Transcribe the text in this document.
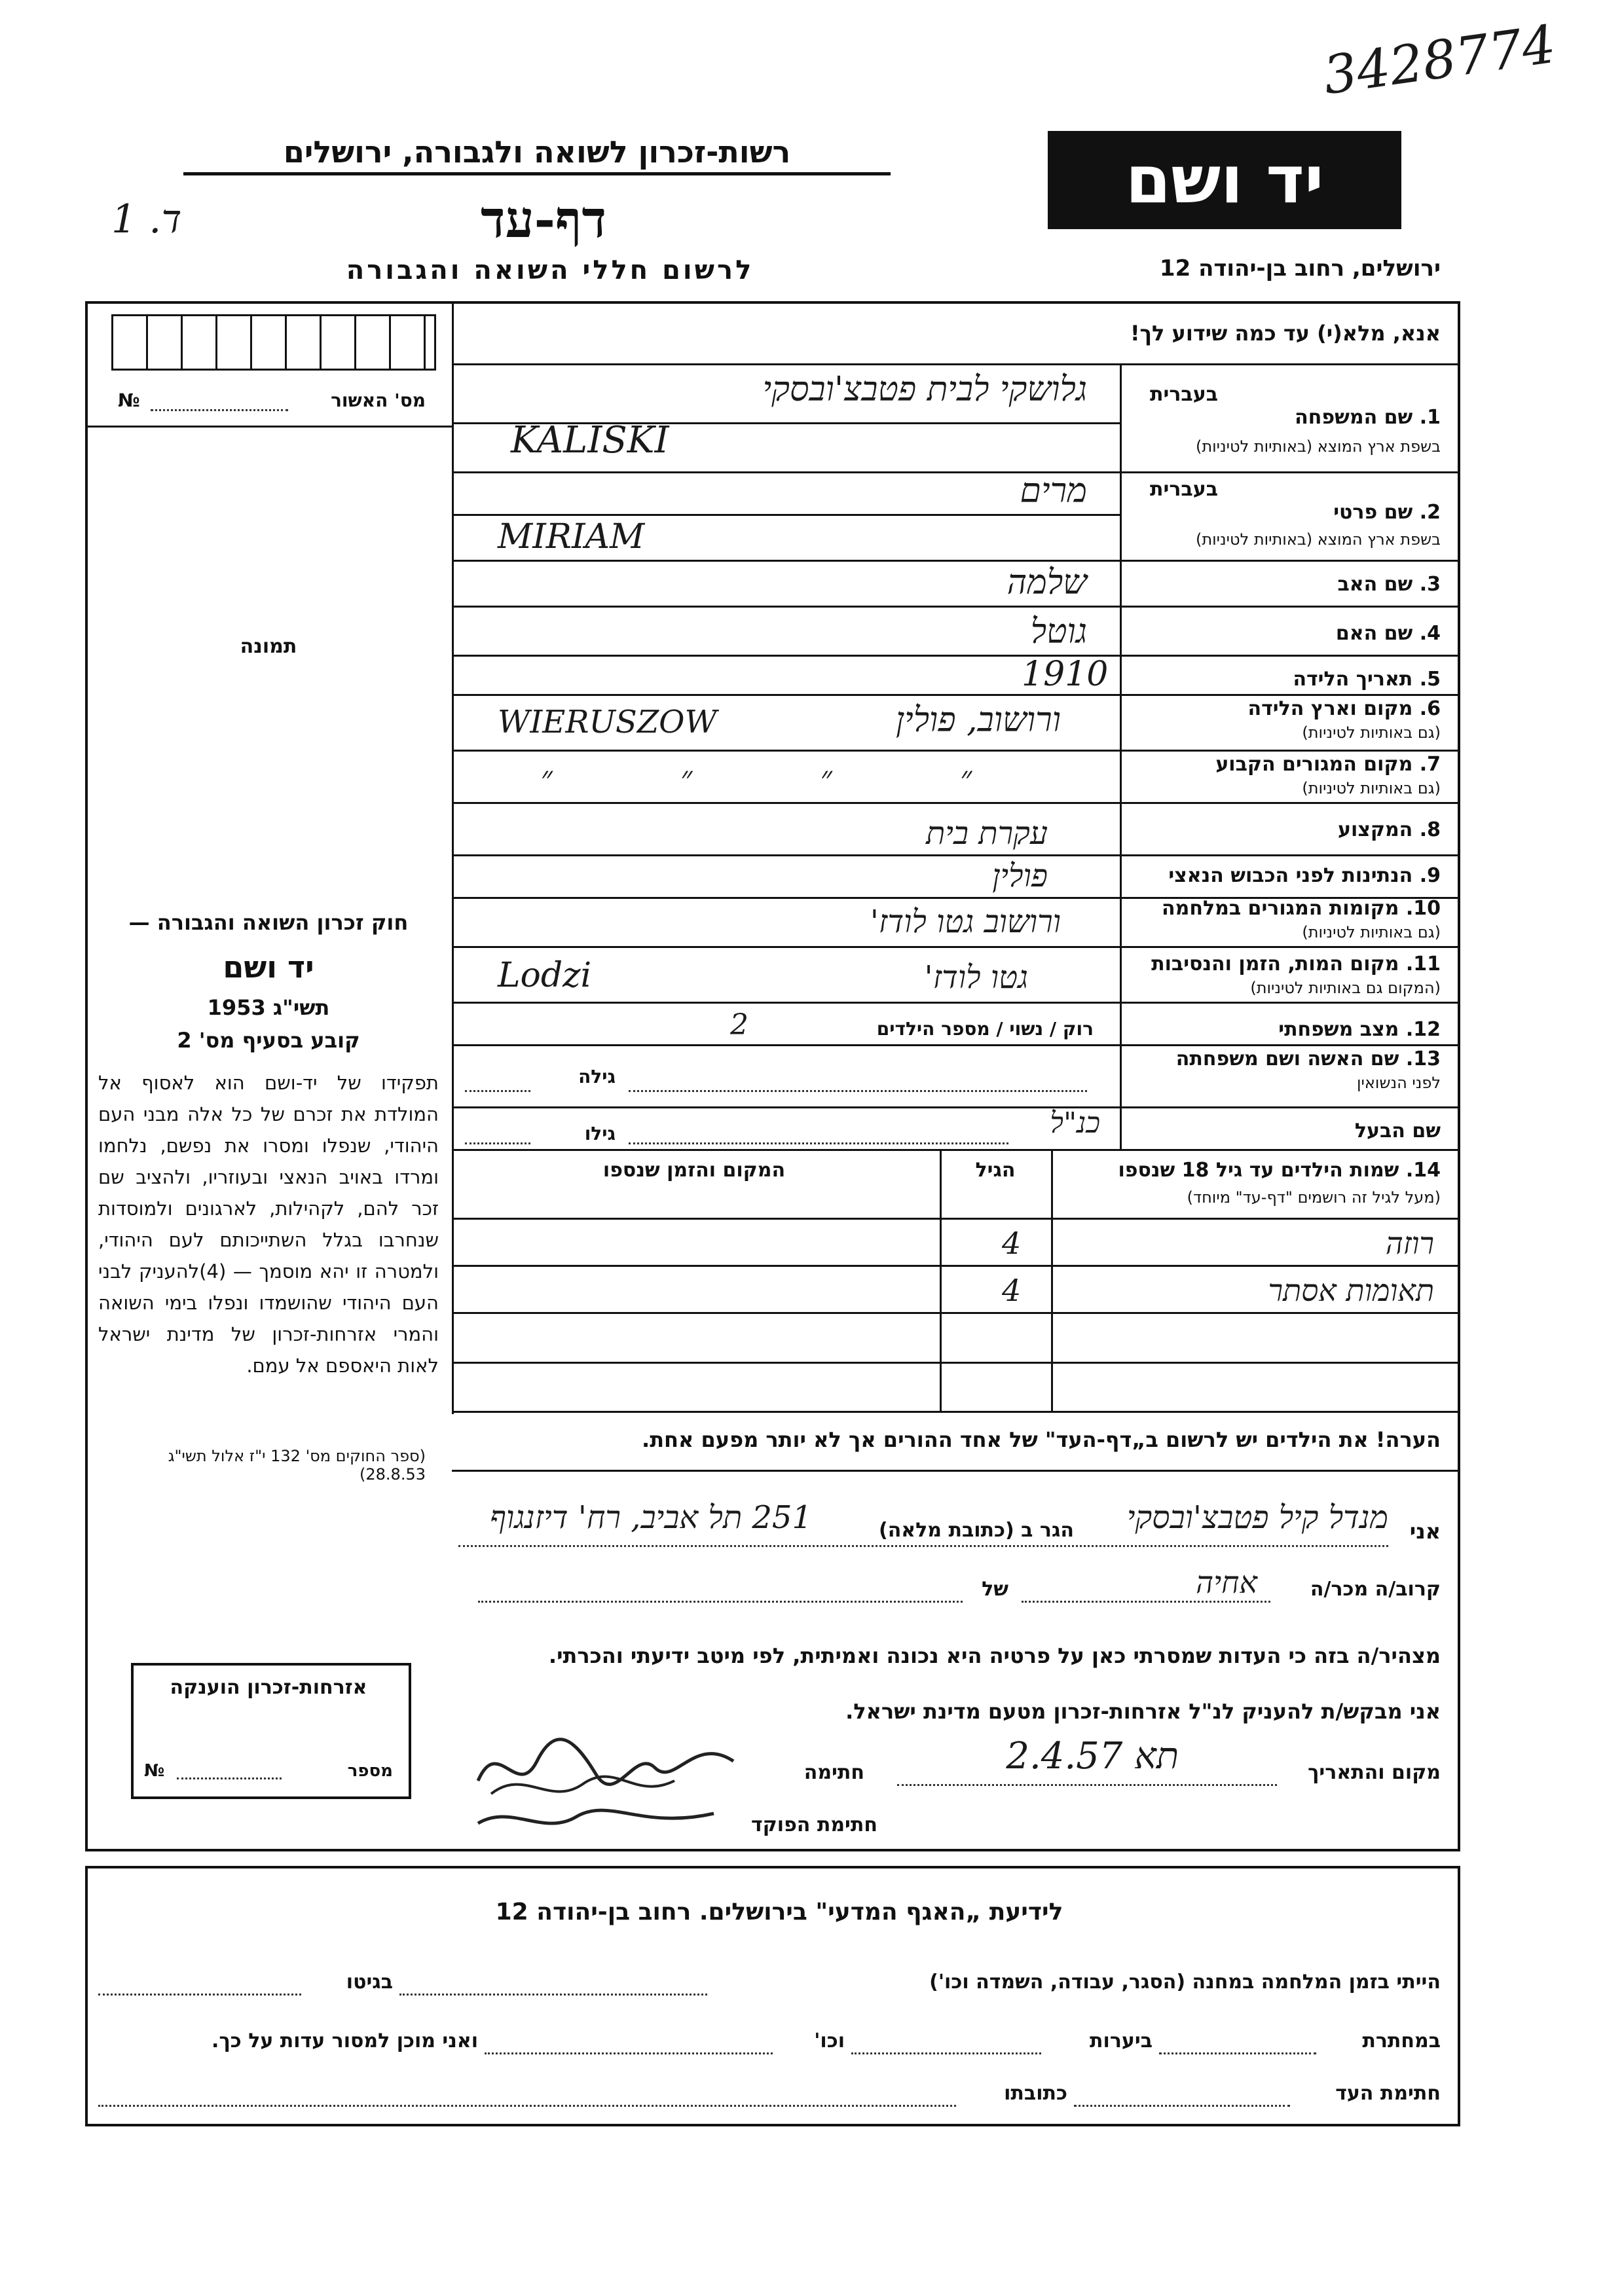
3428774
1 .ד
רשות-זכרון לשואה ולגבורה, ירושלים
דף-עד
לרשום חללי השואה והגבורה
יד ושם
ירושלים, רחוב בן-יהודה 12
אנא, מלא(י) עד כמה שידוע לך!
מס' האשור
№
תמונה
בעברית
1. שם המשפחה
בשפת ארץ המוצא (באותיות לטיניות)
גלושקי לבית פטבצ'ובסקי
KALISKI
בעברית
2. שם פרטי
בשפת ארץ המוצא (באותיות לטיניות)
מרים
MIRIAM
3. שם האב
שלמה
4. שם האם
גוטל
5. תאריך הלידה
1910
6. מקום וארץ הלידה
(גם באותיות לטיניות)
ורושוב, פולין
WIERUSZOW
7. מקום המגורים הקבוע
(גם באותיות לטיניות)
״ ״ ״ ״
8. המקצוע
עקרת בית
9. הנתינות לפני הכבוש הנאצי
פולין
10. מקומות המגורים במלחמה
(גם באותיות לטיניות)
ורושוב גטו לודז'
11. מקום המות, הזמן והנסיבות
(המקום גם באותיות לטיניות)
גטו לודז'
Lodzi
12. מצב משפחתי
רוק / נשוי / מספר הילדים
2
13. שם האשה ושם משפחתה
לפני הנשואין
גילה
שם הבעל
כנ"ל
גילו
14. שמות הילדים עד גיל 18 שנספו
(מעל לגיל זה רושמים "דף-עד" מיוחד)
הגיל
המקום והזמן שנספו
רוזה
4
תאומות אסתר
4
הערה! את הילדים יש לרשום ב„דף-העד" של אחד ההורים אך לא יותר מפעם אחת.
חוק זכרון השואה והגבורה —
יד ושם
תשי"ג 1953
קובע בסעיף מס' 2
תפקידו של יד-ושם הוא לאסוף אל המולדת את זכרם של כל אלה מבני העם היהודי, שנפלו ומסרו את נפשם, נלחמו ומרדו באויב הנאצי ובעוזריו, ולהציב שם זכר להם, לקהילות, לארגונים ולמוסדות שנחרבו בגלל השתייכותם לעם היהודי, ולמטרה זו יהא מוסמך — (4)להעניק לבני העם היהודי שהושמדו ונפלו בימי השואה והמרי אזרחות-זכרון של מדינת ישראל לאות היאספם אל עמם.
(ספר החוקים מס' 132 י"ז אלול תשי"ג 28.8.53)
אני
מנדל קיל פטבצ'ובסקי
הגר ב (כתובת מלאה)
251 תל אביב, רח' דיזנגוף
קרוב/ה מכר/ה
אחיה
של
מצהיר/ה בזה כי העדות שמסרתי כאן על פרטיה היא נכונה ואמיתית, לפי מיטב ידיעתי והכרתי.
אני מבקש/ת להעניק לנ"ל אזרחות-זכרון מטעם מדינת ישראל.
מקום והתאריך
תא 2.4.57
חתימה
חתימת הפוקד
אזרחות-זכרון הוענקה
מספר
№
לידיעת „האגף המדעי" בירושלים. רחוב בן-יהודה 12
הייתי בזמן המלחמה במחנה (הסגר, עבודה, השמדה וכו')
בגיטו
במחתרת
ביערות
וכו'
ואני מוכן למסור עדות על כך.
חתימת העד
כתובתו
